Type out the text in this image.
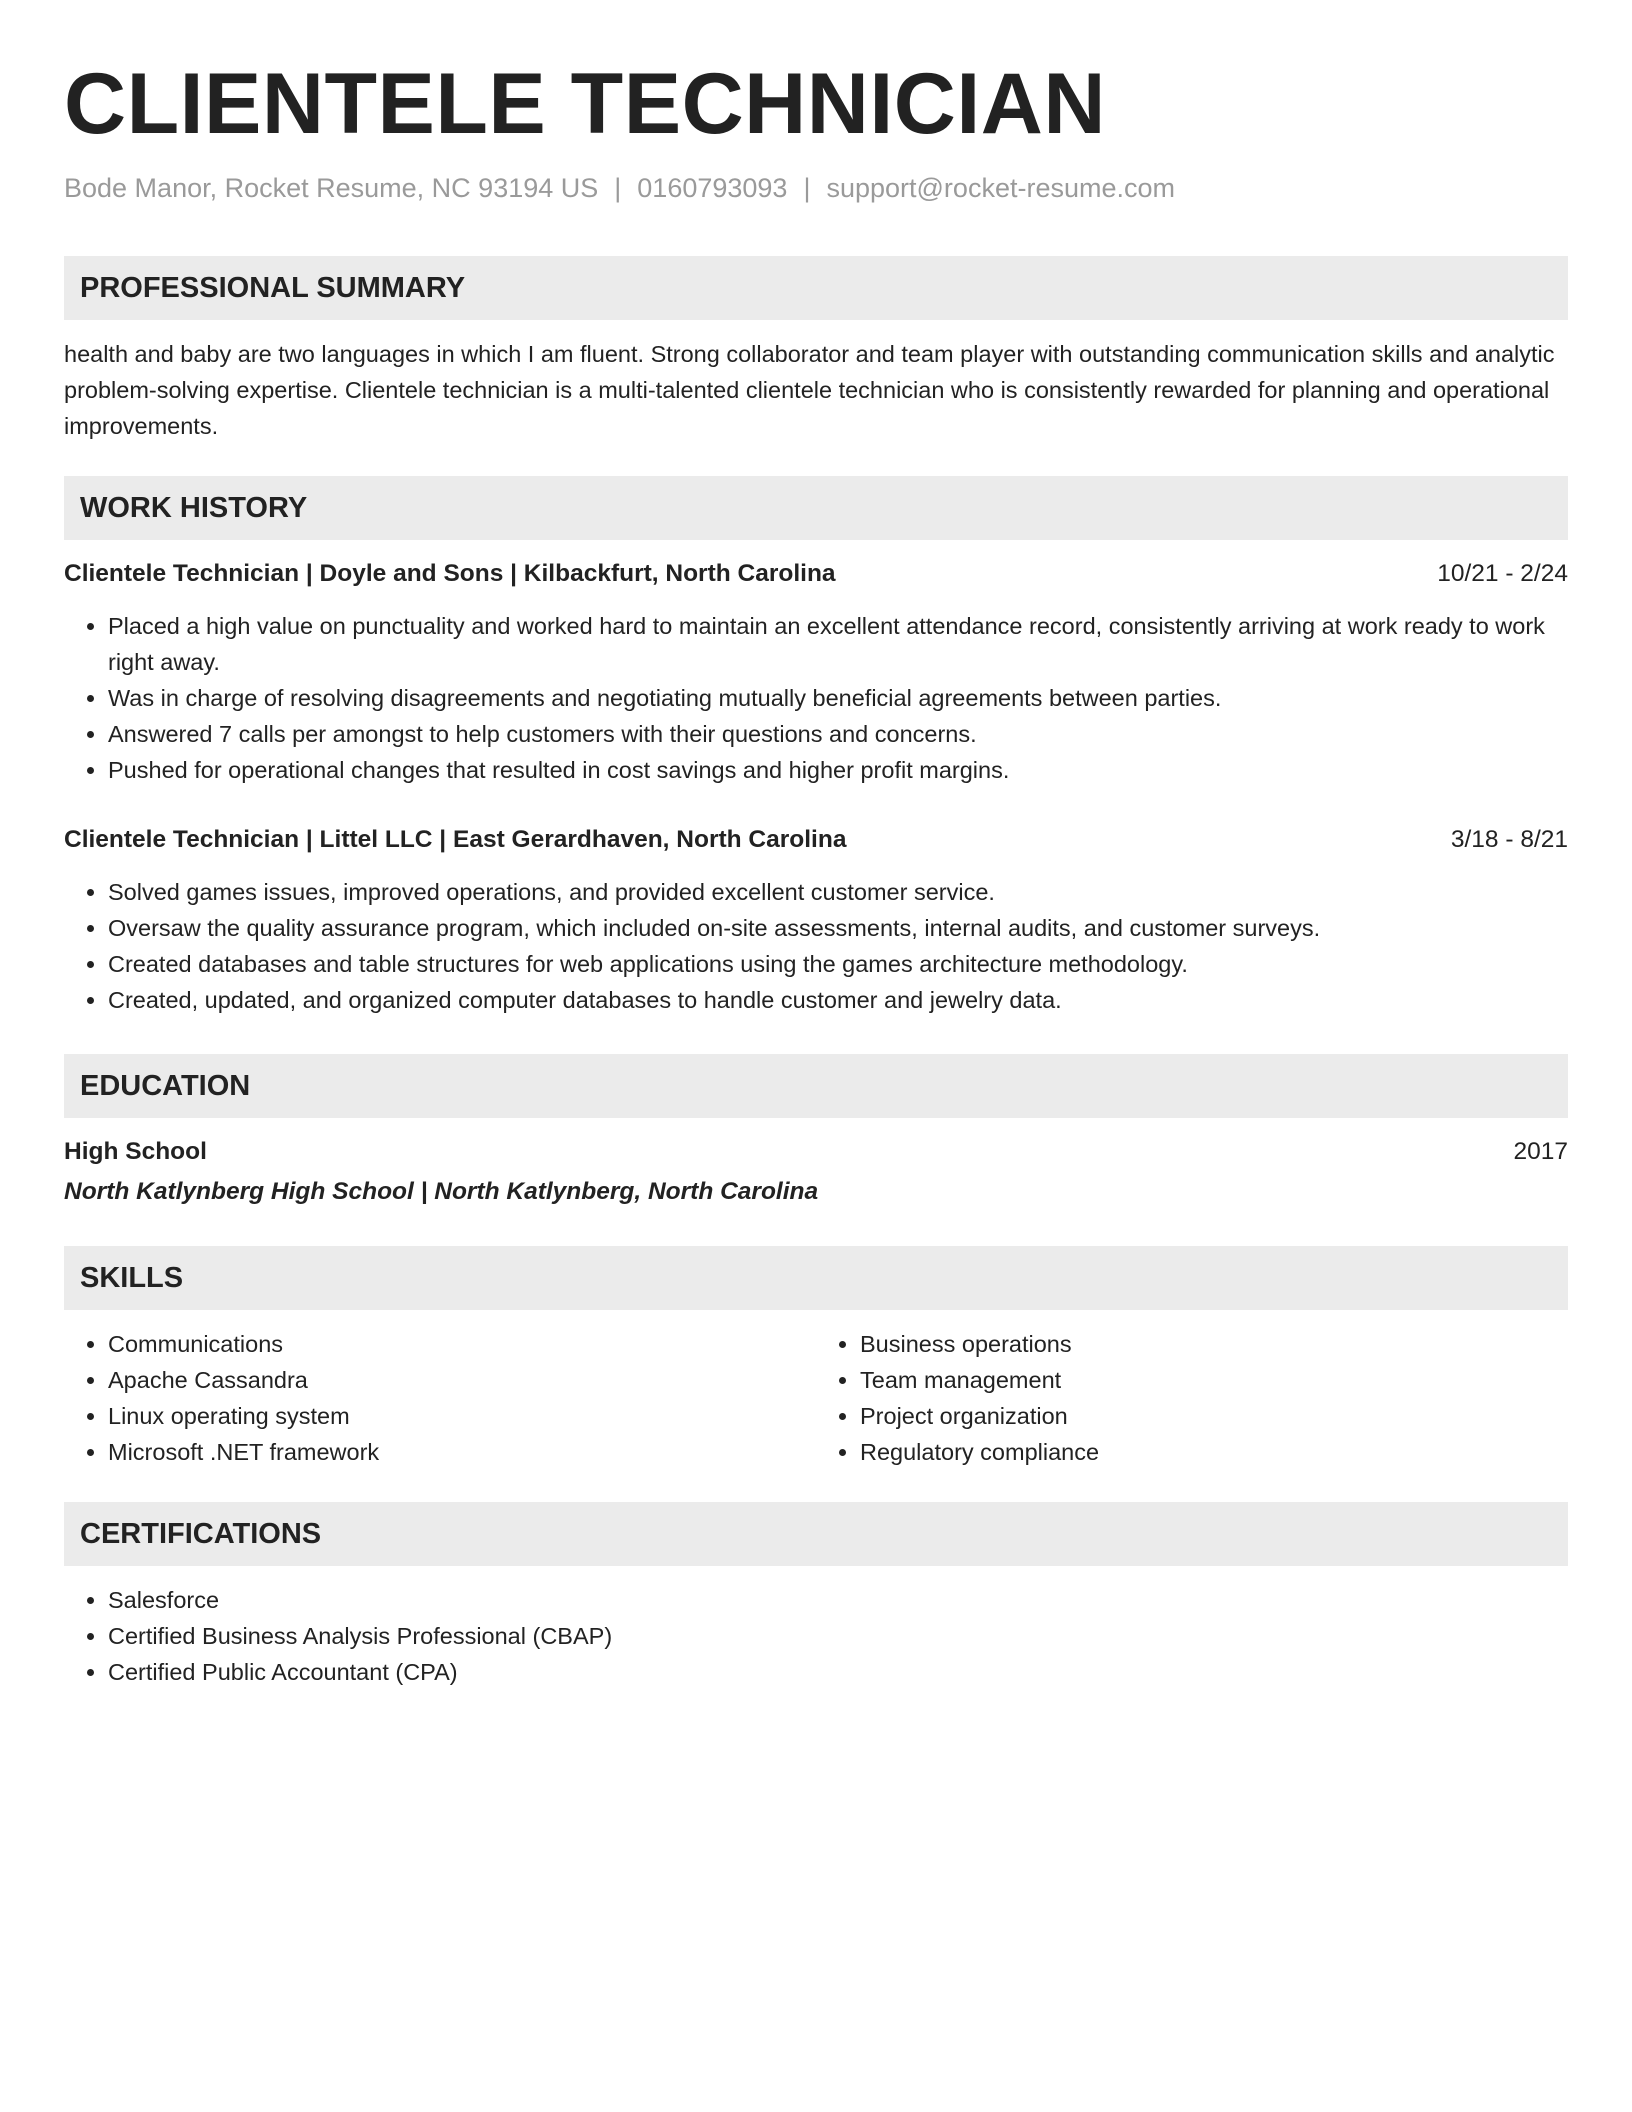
CLIENTELE TECHNICIAN
Bode Manor, Rocket Resume, NC 93194 US | 0160793093 | support@rocket-resume.com
PROFESSIONAL SUMMARY
health and baby are two languages in which I am fluent. Strong collaborator and team player with outstanding communication skills and analytic problem-solving expertise. Clientele technician is a multi-talented clientele technician who is consistently rewarded for planning and operational improvements.
WORK HISTORY
Clientele Technician | Doyle and Sons | Kilbackfurt, North Carolina	10/21 - 2/24
• Placed a high value on punctuality and worked hard to maintain an excellent attendance record, consistently arriving at work ready to work right away.
• Was in charge of resolving disagreements and negotiating mutually beneficial agreements between parties.
• Answered 7 calls per amongst to help customers with their questions and concerns.
• Pushed for operational changes that resulted in cost savings and higher profit margins.
Clientele Technician | Littel LLC | East Gerardhaven, North Carolina	3/18 - 8/21
• Solved games issues, improved operations, and provided excellent customer service.
• Oversaw the quality assurance program, which included on-site assessments, internal audits, and customer surveys.
• Created databases and table structures for web applications using the games architecture methodology.
• Created, updated, and organized computer databases to handle customer and jewelry data.
EDUCATION
High School	2017
North Katlynberg High School | North Katlynberg, North Carolina
SKILLS
• Communications
• Apache Cassandra
• Linux operating system
• Microsoft .NET framework
• Business operations
• Team management
• Project organization
• Regulatory compliance
CERTIFICATIONS
• Salesforce
• Certified Business Analysis Professional (CBAP)
• Certified Public Accountant (CPA)
